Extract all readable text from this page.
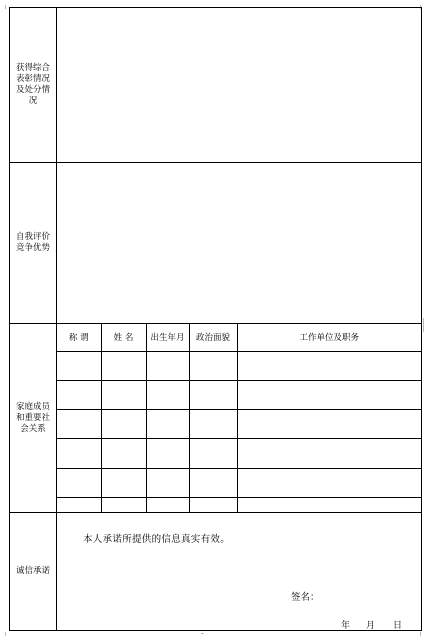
获得综合表彰情况及处分情况	
自我评价竞争优势	
家庭成员和重要社会关系	
称 谓	姓 名	出生年月	政治面貌	工作单位及职务

诚信承诺	
本人承诺所提供的信息真实有效。
签名：
年 月 日
